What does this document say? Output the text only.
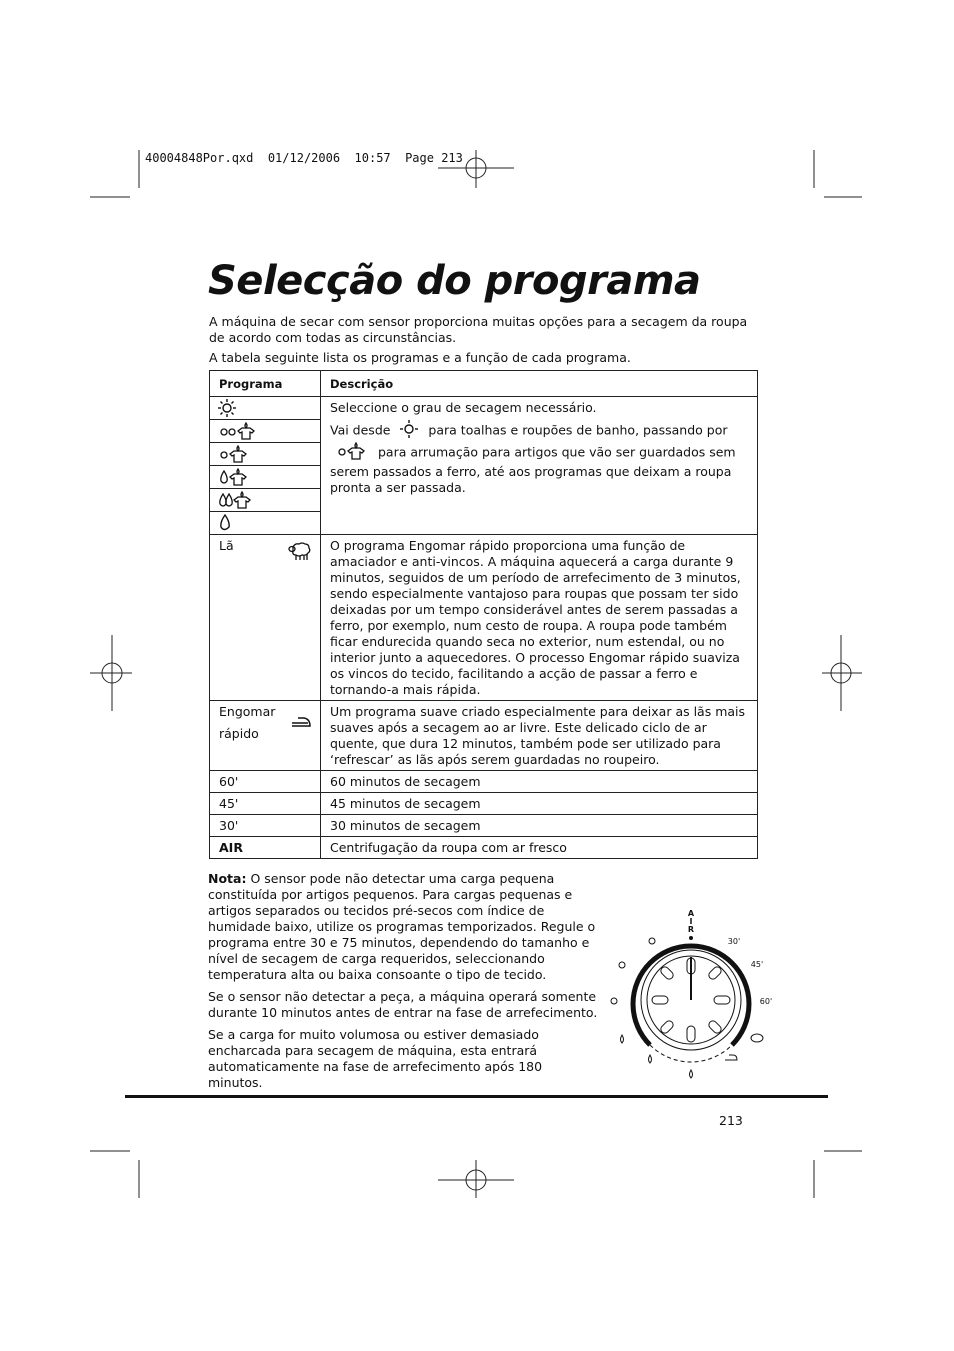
40004848Por.qxd  01/12/2006  10:57  Page 213
Selecção do programa
A máquina de secar com sensor proporciona muitas opções para a secagem da roupa de acordo com todas as circunstâncias.
A tabela seguinte lista os programas e a função de cada programa.
Programa	Descrição

Seleccione o grau de secagem necessário.
Vai desde para toalhas e roupões de banho, passando por  para arrumação para artigos que vão ser guardados sem serem passados a ferro, até aos programas que deixam a roupa pronta a ser passada.

Lã	O programa Engomar rápido proporciona uma função de amaciador e anti-vincos. A máquina aquecerá a carga durante 9 minutos, seguidos de um período de arrefecimento de 3 minutos, sendo especialmente vantajoso para roupas que possam ter sido deixadas por um tempo considerável antes de serem passadas a ferro, por exemplo, num cesto de roupa. A roupa pode também ficar endurecida quando seca no exterior, num estendal, ou no interior junto a aquecedores. O processo Engomar rápido suaviza os vincos do tecido, facilitando a acção de passar a ferro e tornando-a mais rápida.

Engomar
rápido	Um programa suave criado especialmente para deixar as lãs mais suaves após a secagem ao ar livre. Este delicado ciclo de ar quente, que dura 12 minutos, também pode ser utilizado para ‘refrescar’ as lãs após serem guardadas no roupeiro.
60'	60 minutos de secagem
45'	45 minutos de secagem
30'	30 minutos de secagem
AIR	Centrifugação da roupa com ar fresco

Nota: O sensor pode não detectar uma carga pequena constituída por artigos pequenos. Para cargas pequenas e artigos separados ou tecidos pré-secos com índice de humidade baixo, utilize os programas temporizados. Regule o programa entre 30 e 75 minutos, dependendo do tamanho e nível de secagem de carga requeridos, seleccionando temperatura alta ou baixa consoante o tipo de tecido.

Se o sensor não detectar a peça, a máquina operará somente durante 10 minutos antes de entrar na fase de arrefecimento.

Se a carga for muito volumosa ou estiver demasiado encharcada para secagem de máquina, esta entrará automaticamente na fase de arrefecimento após 180 minutos.

A
I
R
30'
45'
60'
213
